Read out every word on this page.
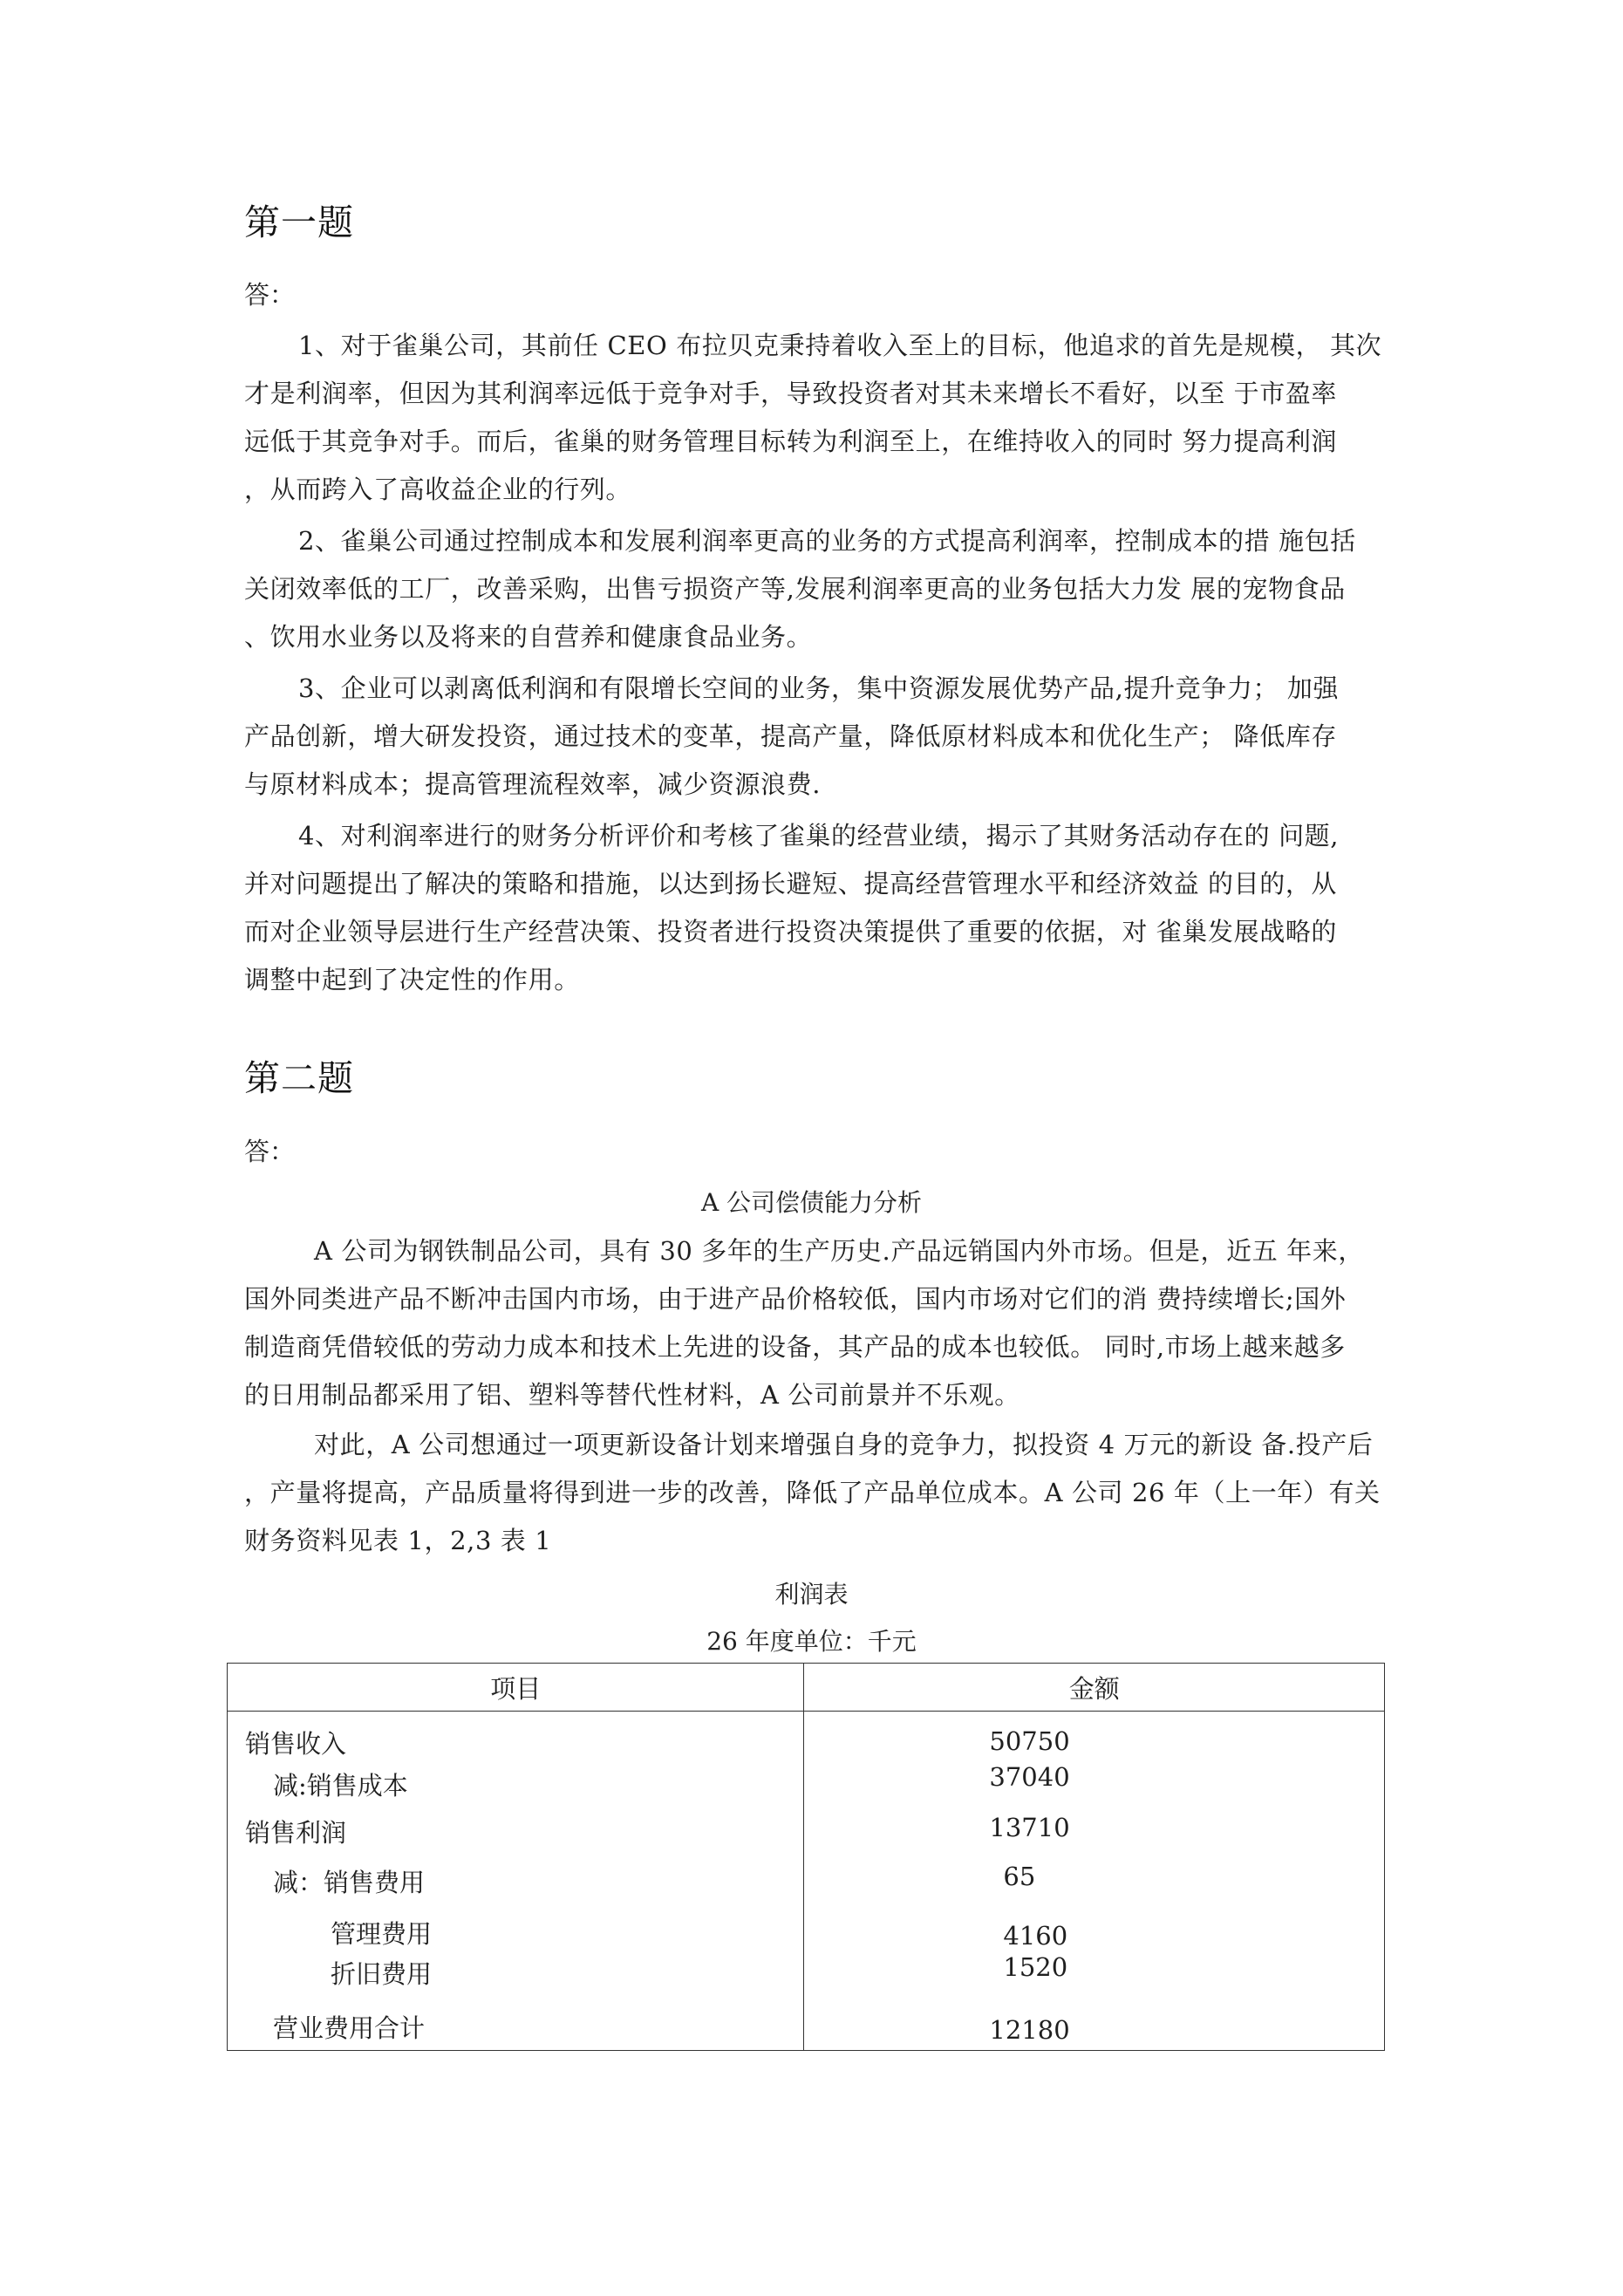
第一题
答：
1、对于雀巢公司，其前任 CEO 布拉贝克秉持着收入至上的目标，他追求的首先是规模， 其次
才是利润率，但因为其利润率远低于竞争对手，导致投资者对其未来增长不看好，以至 于市盈率
远低于其竞争对手。而后，雀巢的财务管理目标转为利润至上，在维持收入的同时 努力提高利润
，从而跨入了高收益企业的行列。
2、雀巢公司通过控制成本和发展利润率更高的业务的方式提高利润率，控制成本的措 施包括
关闭效率低的工厂，改善采购，出售亏损资产等,发展利润率更高的业务包括大力发 展的宠物食品
、饮用水业务以及将来的自营养和健康食品业务。
3、企业可以剥离低利润和有限增长空间的业务，集中资源发展优势产品,提升竞争力； 加强
产品创新，增大研发投资，通过技术的变革，提高产量，降低原材料成本和优化生产； 降低库存
与原材料成本；提高管理流程效率，减少资源浪费.
4、对利润率进行的财务分析评价和考核了雀巢的经营业绩，揭示了其财务活动存在的 问题,
并对问题提出了解决的策略和措施，以达到扬长避短、提高经营管理水平和经济效益 的目的，从
而对企业领导层进行生产经营决策、投资者进行投资决策提供了重要的依据，对 雀巢发展战略的
调整中起到了决定性的作用。
第二题
答：
A 公司偿债能力分析
A 公司为钢铁制品公司，具有 30 多年的生产历史.产品远销国内外市场。但是，近五 年来，
国外同类进产品不断冲击国内市场，由于进产品价格较低，国内市场对它们的消 费持续增长;国外
制造商凭借较低的劳动力成本和技术上先进的设备，其产品的成本也较低。 同时,市场上越来越多
的日用制品都采用了铝、塑料等替代性材料，A 公司前景并不乐观。
对此，A 公司想通过一项更新设备计划来增强自身的竞争力，拟投资 4 万元的新设 备.投产后
，产量将提高，产品质量将得到进一步的改善，降低了产品单位成本。A 公司 26 年（上一年）有关
财务资料见表 1，2,3 表 1
利润表
26 年度单位：千元
项目	金额
销售收入	50750
减:销售成本	37040
销售利润	13710
减：销售费用	65
管理费用	4160
折旧费用	1520
营业费用合计	12180
